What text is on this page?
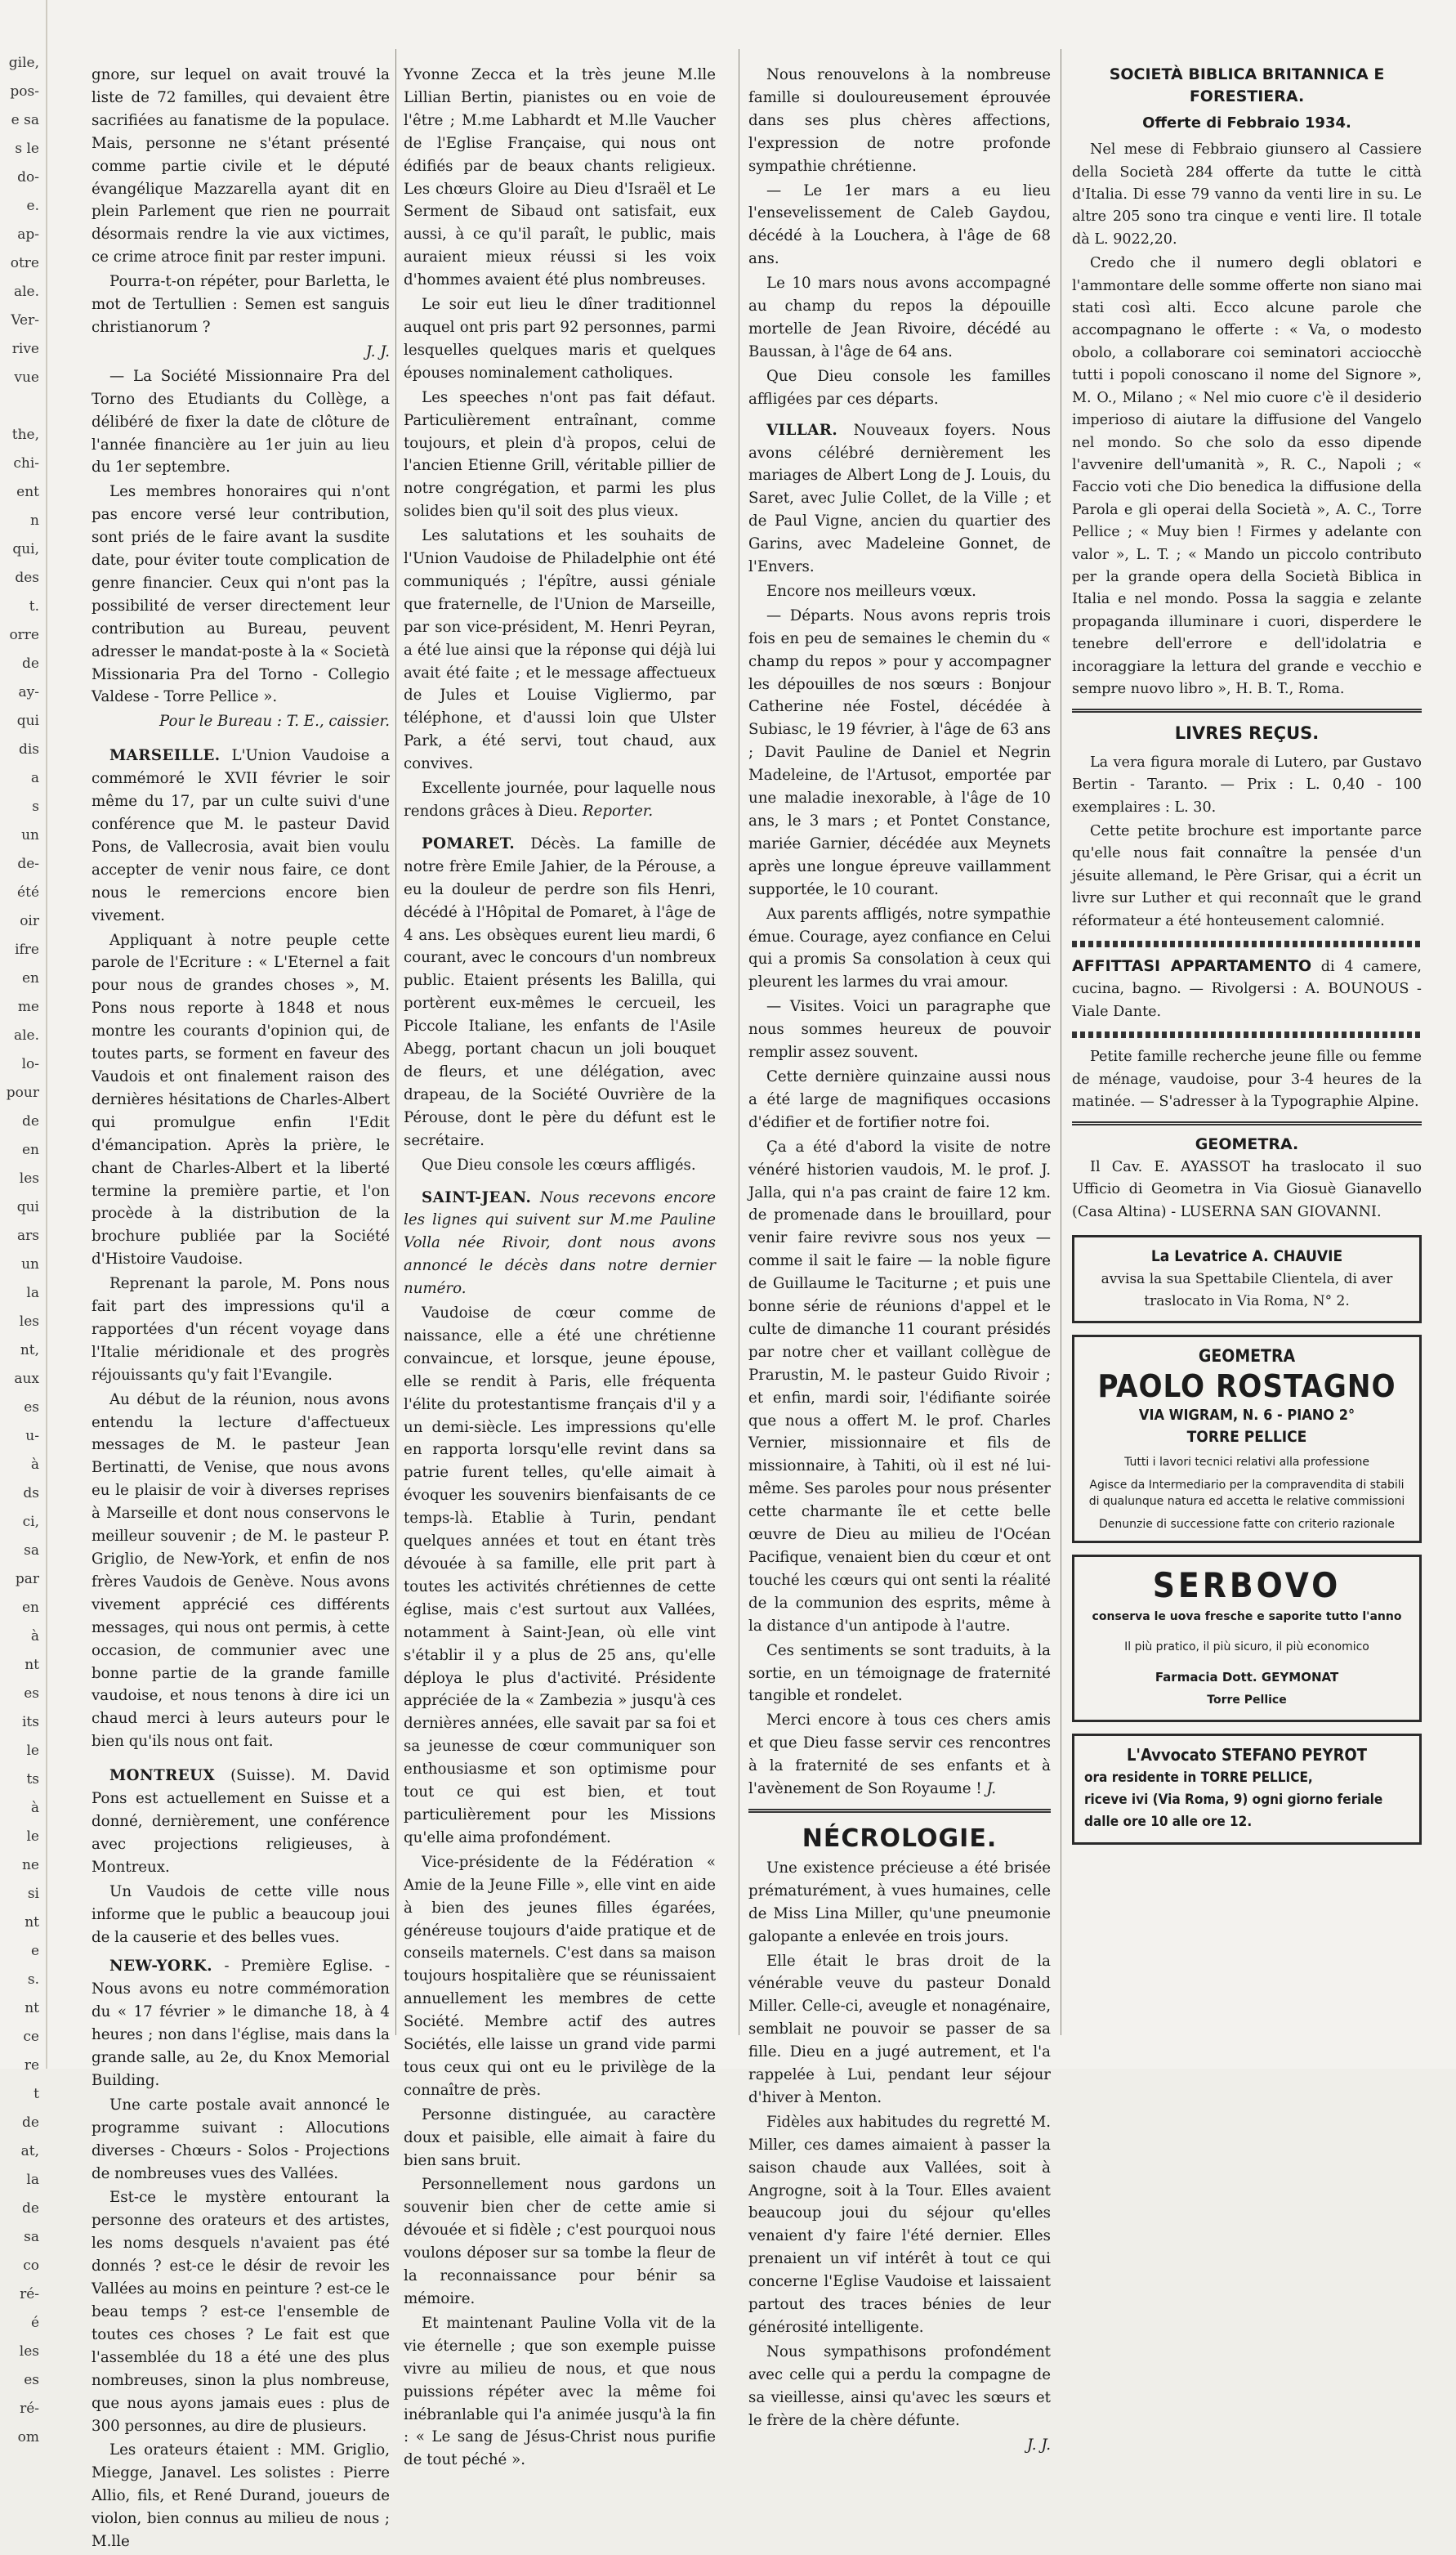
gile,
pos-
e sa
s le
do-
e.
ap-
otre
ale.
Ver-
rive
vue

the,
chi-
ent
n
qui,
des
t.
orre
de
ay-
qui
dis
a
s
un
de-
été
oir
ifre
en
me
ale.
lo-
pour
de
en
les
qui
ars
un
la
les
nt,
aux
es
u-
à
ds
ci,
sa
par
en
à
nt
es
its
le
ts
à
le
ne
si
nt
e
s.
nt
ce
re
t
de
at,
la
de
sa
co
ré-
é
les
es
ré-
om

gnore, sur lequel on avait trouvé la liste de 72 familles, qui devaient être sacrifiées au fanatisme de la populace. Mais, personne ne s'étant présenté comme partie civile et le député évangélique Mazzarella ayant dit en plein Parlement que rien ne pourrait désormais rendre la vie aux victimes, ce crime atroce finit par rester impuni.

Pourra-t-on répéter, pour Barletta, le mot de Tertullien : Semen est sanguis christianorum ?

J. J.

— La Société Missionnaire Pra del Torno des Etudiants du Collège, a délibéré de fixer la date de clôture de l'année financière au 1er juin au lieu du 1er septembre.

Les membres honoraires qui n'ont pas encore versé leur contribution, sont priés de le faire avant la susdite date, pour éviter toute complication de genre financier. Ceux qui n'ont pas la possibilité de verser directement leur contribution au Bureau, peuvent adresser le mandat-poste à la « Società Missionaria Pra del Torno - Collegio Valdese - Torre Pellice ».

Pour le Bureau : T. E., caissier.

MARSEILLE. L'Union Vaudoise a commémoré le XVII février le soir même du 17, par un culte suivi d'une conférence que M. le pasteur David Pons, de Vallecrosia, avait bien voulu accepter de venir nous faire, ce dont nous le remercions encore bien vivement.

Appliquant à notre peuple cette parole de l'Ecriture : « L'Eternel a fait pour nous de grandes choses », M. Pons nous reporte à 1848 et nous montre les courants d'opinion qui, de toutes parts, se forment en faveur des Vaudois et ont finalement raison des dernières hésitations de Charles-Albert qui promulgue enfin l'Edit d'émancipation. Après la prière, le chant de Charles-Albert et la liberté termine la première partie, et l'on procède à la distribution de la brochure publiée par la Société d'Histoire Vaudoise.

Reprenant la parole, M. Pons nous fait part des impressions qu'il a rapportées d'un récent voyage dans l'Italie méridionale et des progrès réjouissants qu'y fait l'Evangile.

Au début de la réunion, nous avons entendu la lecture d'affectueux messages de M. le pasteur Jean Bertinatti, de Venise, que nous avons eu le plaisir de voir à diverses reprises à Marseille et dont nous conservons le meilleur souvenir ; de M. le pasteur P. Griglio, de New-York, et enfin de nos frères Vaudois de Genève. Nous avons vivement apprécié ces différents messages, qui nous ont permis, à cette occasion, de communier avec une bonne partie de la grande famille vaudoise, et nous tenons à dire ici un chaud merci à leurs auteurs pour le bien qu'ils nous ont fait.

MONTREUX (Suisse). M. David Pons est actuellement en Suisse et a donné, dernièrement, une conférence avec projections religieuses, à Montreux.

Un Vaudois de cette ville nous informe que le public a beaucoup joui de la causerie et des belles vues.

NEW-YORK. - Première Eglise. - Nous avons eu notre commémoration du « 17 février » le dimanche 18, à 4 heures ; non dans l'église, mais dans la grande salle, au 2e, du Knox Memorial Building.

Une carte postale avait annoncé le programme suivant : Allocutions diverses - Chœurs - Solos - Projections de nombreuses vues des Vallées.

Est-ce le mystère entourant la personne des orateurs et des artistes, les noms desquels n'avaient pas été donnés ? est-ce le désir de revoir les Vallées au moins en peinture ? est-ce le beau temps ? est-ce l'ensemble de toutes ces choses ? Le fait est que l'assemblée du 18 a été une des plus nombreuses, sinon la plus nombreuse, que nous ayons jamais eues : plus de 300 personnes, au dire de plusieurs.

Les orateurs étaient : MM. Griglio, Miegge, Janavel. Les solistes : Pierre Allio, fils, et René Durand, joueurs de violon, bien connus au milieu de nous ; M.lle

Yvonne Zecca et la très jeune M.lle Lillian Bertin, pianistes ou en voie de l'être ; M.me Labhardt et M.lle Vaucher de l'Eglise Française, qui nous ont édifiés par de beaux chants religieux. Les chœurs Gloire au Dieu d'Israël et Le Serment de Sibaud ont satisfait, eux aussi, à ce qu'il paraît, le public, mais auraient mieux réussi si les voix d'hommes avaient été plus nombreuses.

Le soir eut lieu le dîner traditionnel auquel ont pris part 92 personnes, parmi lesquelles quelques maris et quelques épouses nominalement catholiques.

Les speeches n'ont pas fait défaut. Particulièrement entraînant, comme toujours, et plein d'à propos, celui de l'ancien Etienne Grill, véritable pillier de notre congrégation, et parmi les plus solides bien qu'il soit des plus vieux.

Les salutations et les souhaits de l'Union Vaudoise de Philadelphie ont été communiqués ; l'épître, aussi géniale que fraternelle, de l'Union de Marseille, par son vice-président, M. Henri Peyran, a été lue ainsi que la réponse qui déjà lui avait été faite ; et le message affectueux de Jules et Louise Vigliermo, par téléphone, et d'aussi loin que Ulster Park, a été servi, tout chaud, aux convives.

Excellente journée, pour laquelle nous rendons grâces à Dieu. Reporter.

POMARET. Décès. La famille de notre frère Emile Jahier, de la Pérouse, a eu la douleur de perdre son fils Henri, décédé à l'Hôpital de Pomaret, à l'âge de 4 ans. Les obsèques eurent lieu mardi, 6 courant, avec le concours d'un nombreux public. Etaient présents les Balilla, qui portèrent eux-mêmes le cercueil, les Piccole Italiane, les enfants de l'Asile Abegg, portant chacun un joli bouquet de fleurs, et une délégation, avec drapeau, de la Société Ouvrière de la Pérouse, dont le père du défunt est le secrétaire.

Que Dieu console les cœurs affligés.

SAINT-JEAN. Nous recevons encore les lignes qui suivent sur M.me Pauline Volla née Rivoir, dont nous avons annoncé le décès dans notre dernier numéro.

Vaudoise de cœur comme de naissance, elle a été une chrétienne convaincue, et lorsque, jeune épouse, elle se rendit à Paris, elle fréquenta l'élite du protestantisme français d'il y a un demi-siècle. Les impressions qu'elle en rapporta lorsqu'elle revint dans sa patrie furent telles, qu'elle aimait à évoquer les souvenirs bienfaisants de ce temps-là. Etablie à Turin, pendant quelques années et tout en étant très dévouée à sa famille, elle prit part à toutes les activités chrétiennes de cette église, mais c'est surtout aux Vallées, notamment à Saint-Jean, où elle vint s'établir il y a plus de 25 ans, qu'elle déploya le plus d'activité. Présidente appréciée de la « Zambezia » jusqu'à ces dernières années, elle savait par sa foi et sa jeunesse de cœur communiquer son enthousiasme et son optimisme pour tout ce qui est bien, et tout particulièrement pour les Missions qu'elle aima profondément.

Vice-présidente de la Fédération « Amie de la Jeune Fille », elle vint en aide à bien des jeunes filles égarées, généreuse toujours d'aide pratique et de conseils maternels. C'est dans sa maison toujours hospitalière que se réunissaient annuellement les membres de cette Société. Membre actif des autres Sociétés, elle laisse un grand vide parmi tous ceux qui ont eu le privilège de la connaître de près.

Personne distinguée, au caractère doux et paisible, elle aimait à faire du bien sans bruit.

Personnellement nous gardons un souvenir bien cher de cette amie si dévouée et si fidèle ; c'est pourquoi nous voulons déposer sur sa tombe la fleur de la reconnaissance pour bénir sa mémoire.

Et maintenant Pauline Volla vit de la vie éternelle ; que son exemple puisse vivre au milieu de nous, et que nous puissions répéter avec la même foi inébranlable qui l'a animée jusqu'à la fin : « Le sang de Jésus-Christ nous purifie de tout péché ».

Nous renouvelons à la nombreuse famille si douloureusement éprouvée dans ses plus chères affections, l'expression de notre profonde sympathie chrétienne.

— Le 1er mars a eu lieu l'ensevelissement de Caleb Gaydou, décédé à la Louchera, à l'âge de 68 ans.

Le 10 mars nous avons accompagné au champ du repos la dépouille mortelle de Jean Rivoire, décédé au Baussan, à l'âge de 64 ans.

Que Dieu console les familles affligées par ces départs.

VILLAR. Nouveaux foyers. Nous avons célébré dernièrement les mariages de Albert Long de J. Louis, du Saret, avec Julie Collet, de la Ville ; et de Paul Vigne, ancien du quartier des Garins, avec Madeleine Gonnet, de l'Envers.

Encore nos meilleurs vœux.

— Départs. Nous avons repris trois fois en peu de semaines le chemin du « champ du repos » pour y accompagner les dépouilles de nos sœurs : Bonjour Catherine née Fostel, décédée à Subiasc, le 19 février, à l'âge de 63 ans ; Davit Pauline de Daniel et Negrin Madeleine, de l'Artusot, emportée par une maladie inexorable, à l'âge de 10 ans, le 3 mars ; et Pontet Constance, mariée Garnier, décédée aux Meynets après une longue épreuve vaillamment supportée, le 10 courant.

Aux parents affligés, notre sympathie émue. Courage, ayez confiance en Celui qui a promis Sa consolation à ceux qui pleurent les larmes du vrai amour.

— Visites. Voici un paragraphe que nous sommes heureux de pouvoir remplir assez souvent.

Cette dernière quinzaine aussi nous a été large de magnifiques occasions d'édifier et de fortifier notre foi.

Ça a été d'abord la visite de notre vénéré historien vaudois, M. le prof. J. Jalla, qui n'a pas craint de faire 12 km. de promenade dans le brouillard, pour venir faire revivre sous nos yeux — comme il sait le faire — la noble figure de Guillaume le Taciturne ; et puis une bonne série de réunions d'appel et le culte de dimanche 11 courant présidés par notre cher et vaillant collègue de Prarustin, M. le pasteur Guido Rivoir ; et enfin, mardi soir, l'édifiante soirée que nous a offert M. le prof. Charles Vernier, missionnaire et fils de missionnaire, à Tahiti, où il est né lui-même. Ses paroles pour nous présenter cette charmante île et cette belle œuvre de Dieu au milieu de l'Océan Pacifique, venaient bien du cœur et ont touché les cœurs qui ont senti la réalité de la communion des esprits, même à la distance d'un antipode à l'autre.

Ces sentiments se sont traduits, à la sortie, en un témoignage de fraternité tangible et rondelet.

Merci encore à tous ces chers amis et que Dieu fasse servir ces rencontres à la fraternité de ses enfants et à l'avènement de Son Royaume ! J.

NÉCROLOGIE.

Une existence précieuse a été brisée prématurément, à vues humaines, celle de Miss Lina Miller, qu'une pneumonie galopante a enlevée en trois jours.

Elle était le bras droit de la vénérable veuve du pasteur Donald Miller. Celle-ci, aveugle et nonagénaire, semblait ne pouvoir se passer de sa fille. Dieu en a jugé autrement, et l'a rappelée à Lui, pendant leur séjour d'hiver à Menton.

Fidèles aux habitudes du regretté M. Miller, ces dames aimaient à passer la saison chaude aux Vallées, soit à Angrogne, soit à la Tour. Elles avaient beaucoup joui du séjour qu'elles venaient d'y faire l'été dernier. Elles prenaient un vif intérêt à tout ce qui concerne l'Eglise Vaudoise et laissaient partout des traces bénies de leur générosité intelligente.

Nous sympathisons profondément avec celle qui a perdu la compagne de sa vieillesse, ainsi qu'avec les sœurs et le frère de la chère défunte.

J. J.

SOCIETÀ BIBLICA BRITANNICA E FORESTIERA.
Offerte di Febbraio 1934.

Nel mese di Febbraio giunsero al Cassiere della Società 284 offerte da tutte le città d'Italia. Di esse 79 vanno da venti lire in su. Le altre 205 sono tra cinque e venti lire. Il totale dà L. 9022,20.

Credo che il numero degli oblatori e l'ammontare delle somme offerte non siano mai stati così alti. Ecco alcune parole che accompagnano le offerte : « Va, o modesto obolo, a collaborare coi seminatori acciocchè tutti i popoli conoscano il nome del Signore », M. O., Milano ; « Nel mio cuore c'è il desiderio imperioso di aiutare la diffusione del Vangelo nel mondo. So che solo da esso dipende l'avvenire dell'umanità », R. C., Napoli ; « Faccio voti che Dio benedica la diffusione della Parola e gli operai della Società », A. C., Torre Pellice ; « Muy bien ! Firmes y adelante con valor », L. T. ; « Mando un piccolo contributo per la grande opera della Società Biblica in Italia e nel mondo. Possa la saggia e zelante propaganda illuminare i cuori, disperdere le tenebre dell'errore e dell'idolatria e incoraggiare la lettura del grande e vecchio e sempre nuovo libro », H. B. T., Roma.

LIVRES REÇUS.

La vera figura morale di Lutero, par Gustavo Bertin - Taranto. — Prix : L. 0,40 - 100 exemplaires : L. 30.

Cette petite brochure est importante parce qu'elle nous fait connaître la pensée d'un jésuite allemand, le Père Grisar, qui a écrit un livre sur Luther et qui reconnaît que le grand réformateur a été honteusement calomnié.

AFFITTASI APPARTAMENTO di 4 camere, cucina, bagno. — Rivolgersi : A. BOUNOUS - Viale Dante.

Petite famille recherche jeune fille ou femme de ménage, vaudoise, pour 3-4 heures de la matinée. — S'adresser à la Typographie Alpine.

GEOMETRA.

Il Cav. E. AYASSOT ha traslocato il suo Ufficio di Geometra in Via Giosuè Gianavello (Casa Altina) - LUSERNA SAN GIOVANNI.

La Levatrice A. CHAUVIE
avvisa la sua Spettabile Clientela, di aver traslocato in Via Roma, N° 2.
GEOMETRA
PAOLO ROSTAGNO
VIA WIGRAM, N. 6 - PIANO 2°
TORRE PELLICE
Tutti i lavori tecnici relativi alla professione
Agisce da Intermediario per la compravendita di stabili di qualunque natura ed accetta le relative commissioni
Denunzie di successione fatte con criterio razionale
SERBOVO
conserva le uova fresche e saporite tutto l'anno
Il più pratico, il più sicuro, il più economico
Farmacia Dott. GEYMONAT
Torre Pellice
L'Avvocato STEFANO PEYROT
ora residente in TORRE PELLICE,
riceve ivi (Via Roma, 9) ogni giorno feriale dalle ore 10 alle ore 12.
